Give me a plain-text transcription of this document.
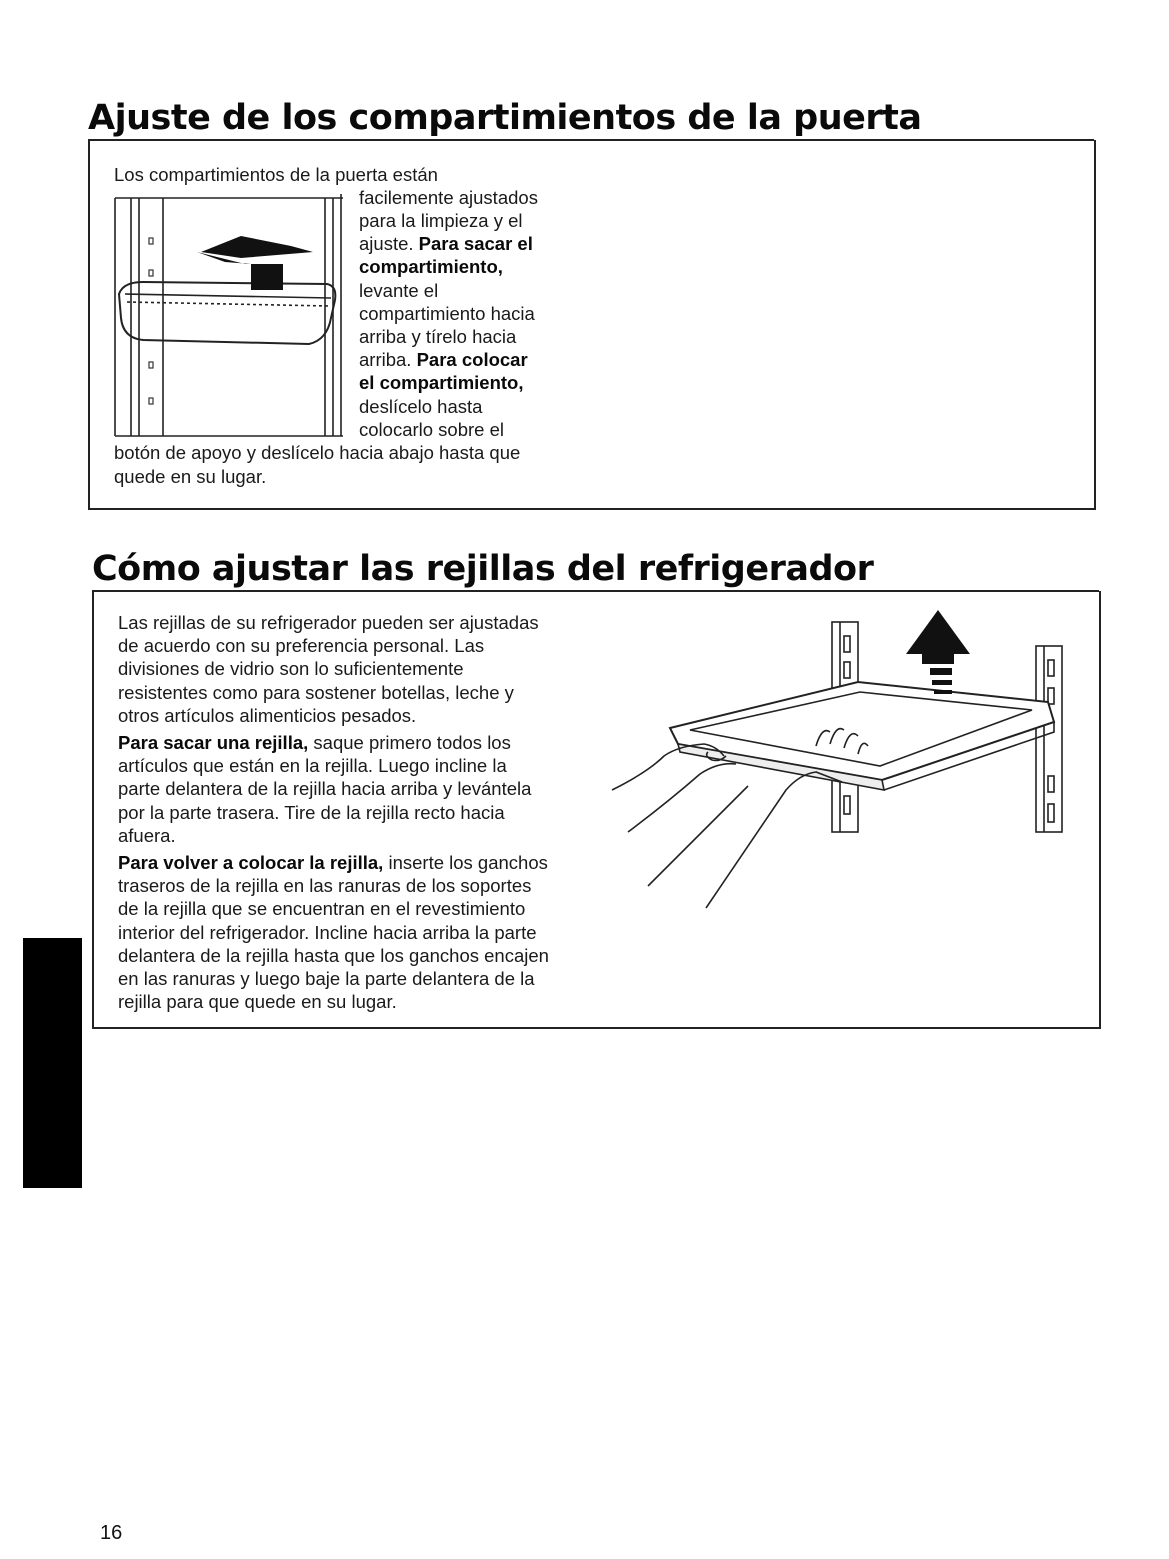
Ajuste de los compartimientos de la puerta
Los compartimientos de la puerta están
facilemente ajustados
para la limpieza y el
ajuste. Para sacar el
compartimiento,
levante el
compartimiento hacia
arriba y tírelo hacia
arriba. Para colocar
el compartimiento,
deslícelo hasta
colocarlo sobre el
botón de apoyo y deslícelo hacia abajo hasta que
quede en su lugar.
Cómo ajustar las rejillas del refrigerador

Las rejillas de su refrigerador pueden ser ajustadas
de acuerdo con su preferencia personal. Las
divisiones de vidrio son lo suficientemente
resistentes como para sostener botellas, leche y
otros artículos alimenticios pesados.

Para sacar una rejilla, saque primero todos los
artículos que están en la rejilla. Luego incline la
parte delantera de la rejilla hacia arriba y levántela
por la parte trasera. Tire de la rejilla recto hacia
afuera.

Para volver a colocar la rejilla, inserte los ganchos
traseros de la rejilla en las ranuras de los soportes
de la rejilla que se encuentran en el revestimiento
interior del refrigerador. Incline hacia arriba la parte
delantera de la rejilla hasta que los ganchos encajen
en las ranuras y luego baje la parte delantera de la
rejilla para que quede en su lugar.

16
